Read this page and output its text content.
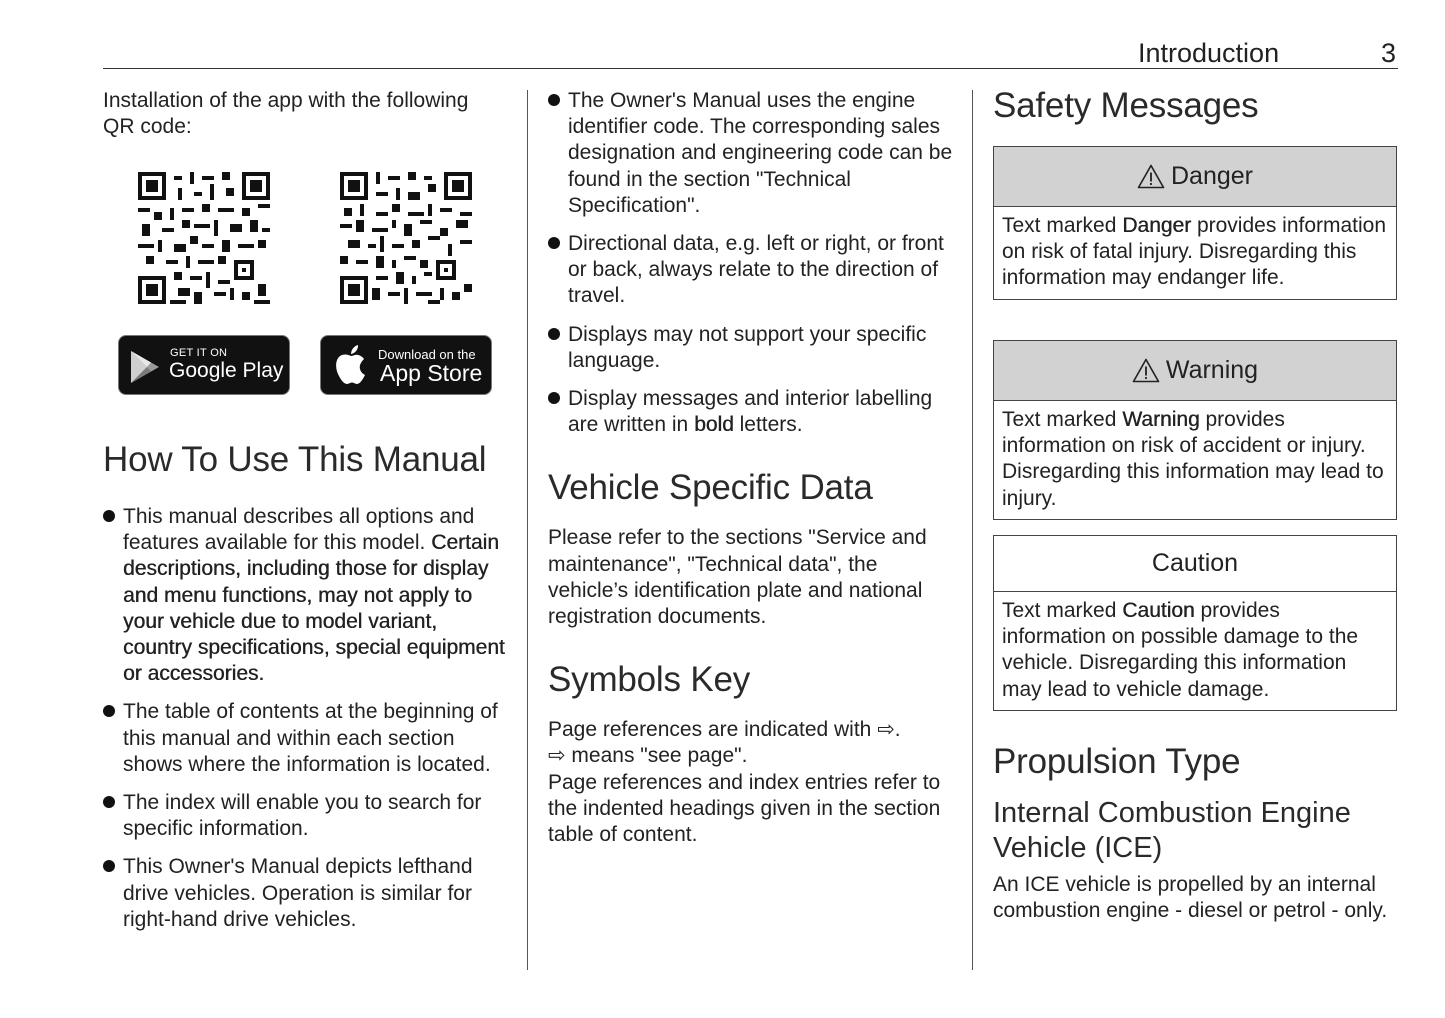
Introduction	3

Installation of the app with the following QR code:

GET IT ON
Google Play
Download on the
App Store
How To Use This Manual
This manual describes all options and features available for this model. Certain descriptions, including those for display and menu functions, may not apply to your vehicle due to model variant, country specifications, special equipment or accessories.
The table of contents at the beginning of this manual and within each section shows where the information is located.
The index will enable you to search for specific information.
This Owner's Manual depicts lefthand drive vehicles. Operation is similar for right-hand drive vehicles.
The Owner's Manual uses the engine identifier code. The corresponding sales designation and engineering code can be found in the section "Technical Specification".
Directional data, e.g. left or right, or front or back, always relate to the direction of travel.
Displays may not support your specific language.
Display messages and interior labelling are written in bold letters.
Vehicle Specific Data

Please refer to the sections "Service and maintenance", "Technical data", the vehicle’s identification plate and national registration documents.

Symbols Key

Page references are indicated with ⇨.

⇨ means "see page".

Page references and index entries refer to the indented headings given in the section table of content.

Safety Messages
Danger
Text marked Danger provides information on risk of fatal injury. Disregarding this information may endanger life.
Warning
Text marked Warning provides information on risk of accident or injury. Disregarding this information may lead to injury.
Caution
Text marked Caution provides information on possible damage to the vehicle. Disregarding this information may lead to vehicle damage.
Propulsion Type
Internal Combustion Engine Vehicle (ICE)

An ICE vehicle is propelled by an internal combustion engine - diesel or petrol - only.
